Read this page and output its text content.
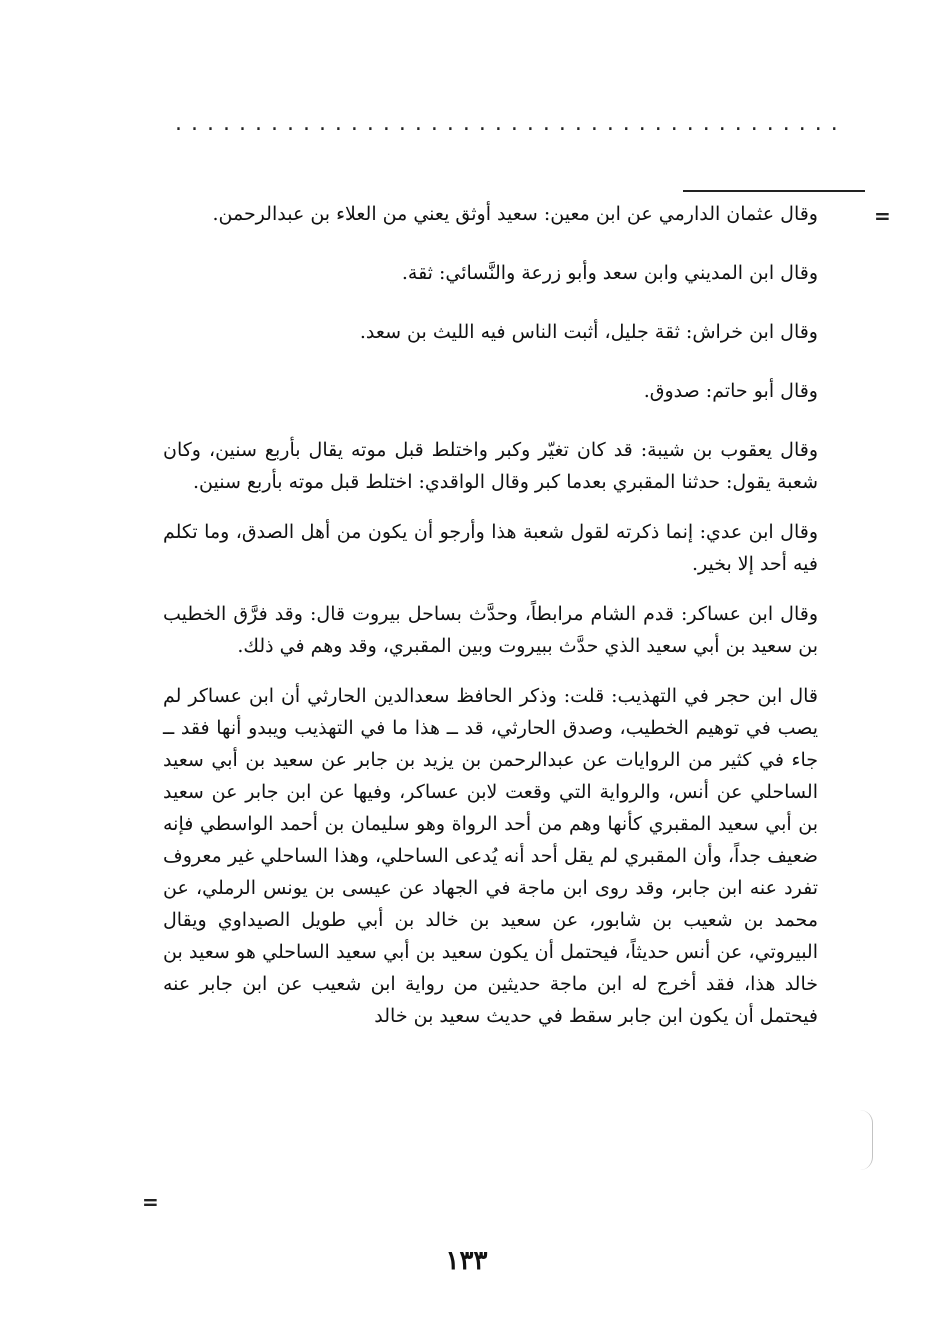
..........................................
=

وقال عثمان الدارمي عن ابن معين: سعيد أوثق يعني من العلاء بن عبدالرحمن.

وقال ابن المديني وابن سعد وأبو زرعة والنَّسائي: ثقة.

وقال ابن خراش: ثقة جليل، أثبت الناس فيه الليث بن سعد.

وقال أبو حاتم: صدوق.

وقال يعقوب بن شيبة: قد كان تغيّر وكبر واختلط قبل موته يقال بأربع سنين، وكان شعبة يقول: حدثنا المقبري بعدما كبر وقال الواقدي: اختلط قبل موته بأربع سنين.

وقال ابن عدي: إنما ذكرته لقول شعبة هذا وأرجو أن يكون من أهل الصدق، وما تكلم فيه أحد إلا بخير.

وقال ابن عساكر: قدم الشام مرابطاً، وحدَّث بساحل بيروت قال: وقد فرَّق الخطيب بن سعيد بن أبي سعيد الذي حدَّث ببيروت وبين المقبري، وقد وهم في ذلك.

قال ابن حجر في التهذيب: قلت: وذكر الحافظ سعدالدين الحارثي أن ابن عساكر لم يصب في توهيم الخطيب، وصدق الحارثي، قد ــ هذا ما في التهذيب ويبدو أنها فقد ــ جاء في كثير من الروايات عن عبدالرحمن بن يزيد بن جابر عن سعيد بن أبي سعيد الساحلي عن أنس، والرواية التي وقعت لابن عساكر، وفيها عن ابن جابر عن سعيد بن أبي سعيد المقبري كأنها وهم من أحد الرواة وهو سليمان بن أحمد الواسطي فإنه ضعيف جداً، وأن المقبري لم يقل أحد أنه يُدعى الساحلي، وهذا الساحلي غير معروف تفرد عنه ابن جابر، وقد روى ابن ماجة في الجهاد عن عيسى بن يونس الرملي، عن محمد بن شعيب بن شابور، عن سعيد بن خالد بن أبي طويل الصيداوي ويقال البيروتي، عن أنس حديثاً، فيحتمل أن يكون سعيد بن أبي سعيد الساحلي هو سعيد بن خالد هذا، فقد أخرج له ابن ماجة حديثين من رواية ابن شعيب عن ابن جابر عنه فيحتمل أن يكون ابن جابر سقط في حديث سعيد بن خالد

=
١٣٣
